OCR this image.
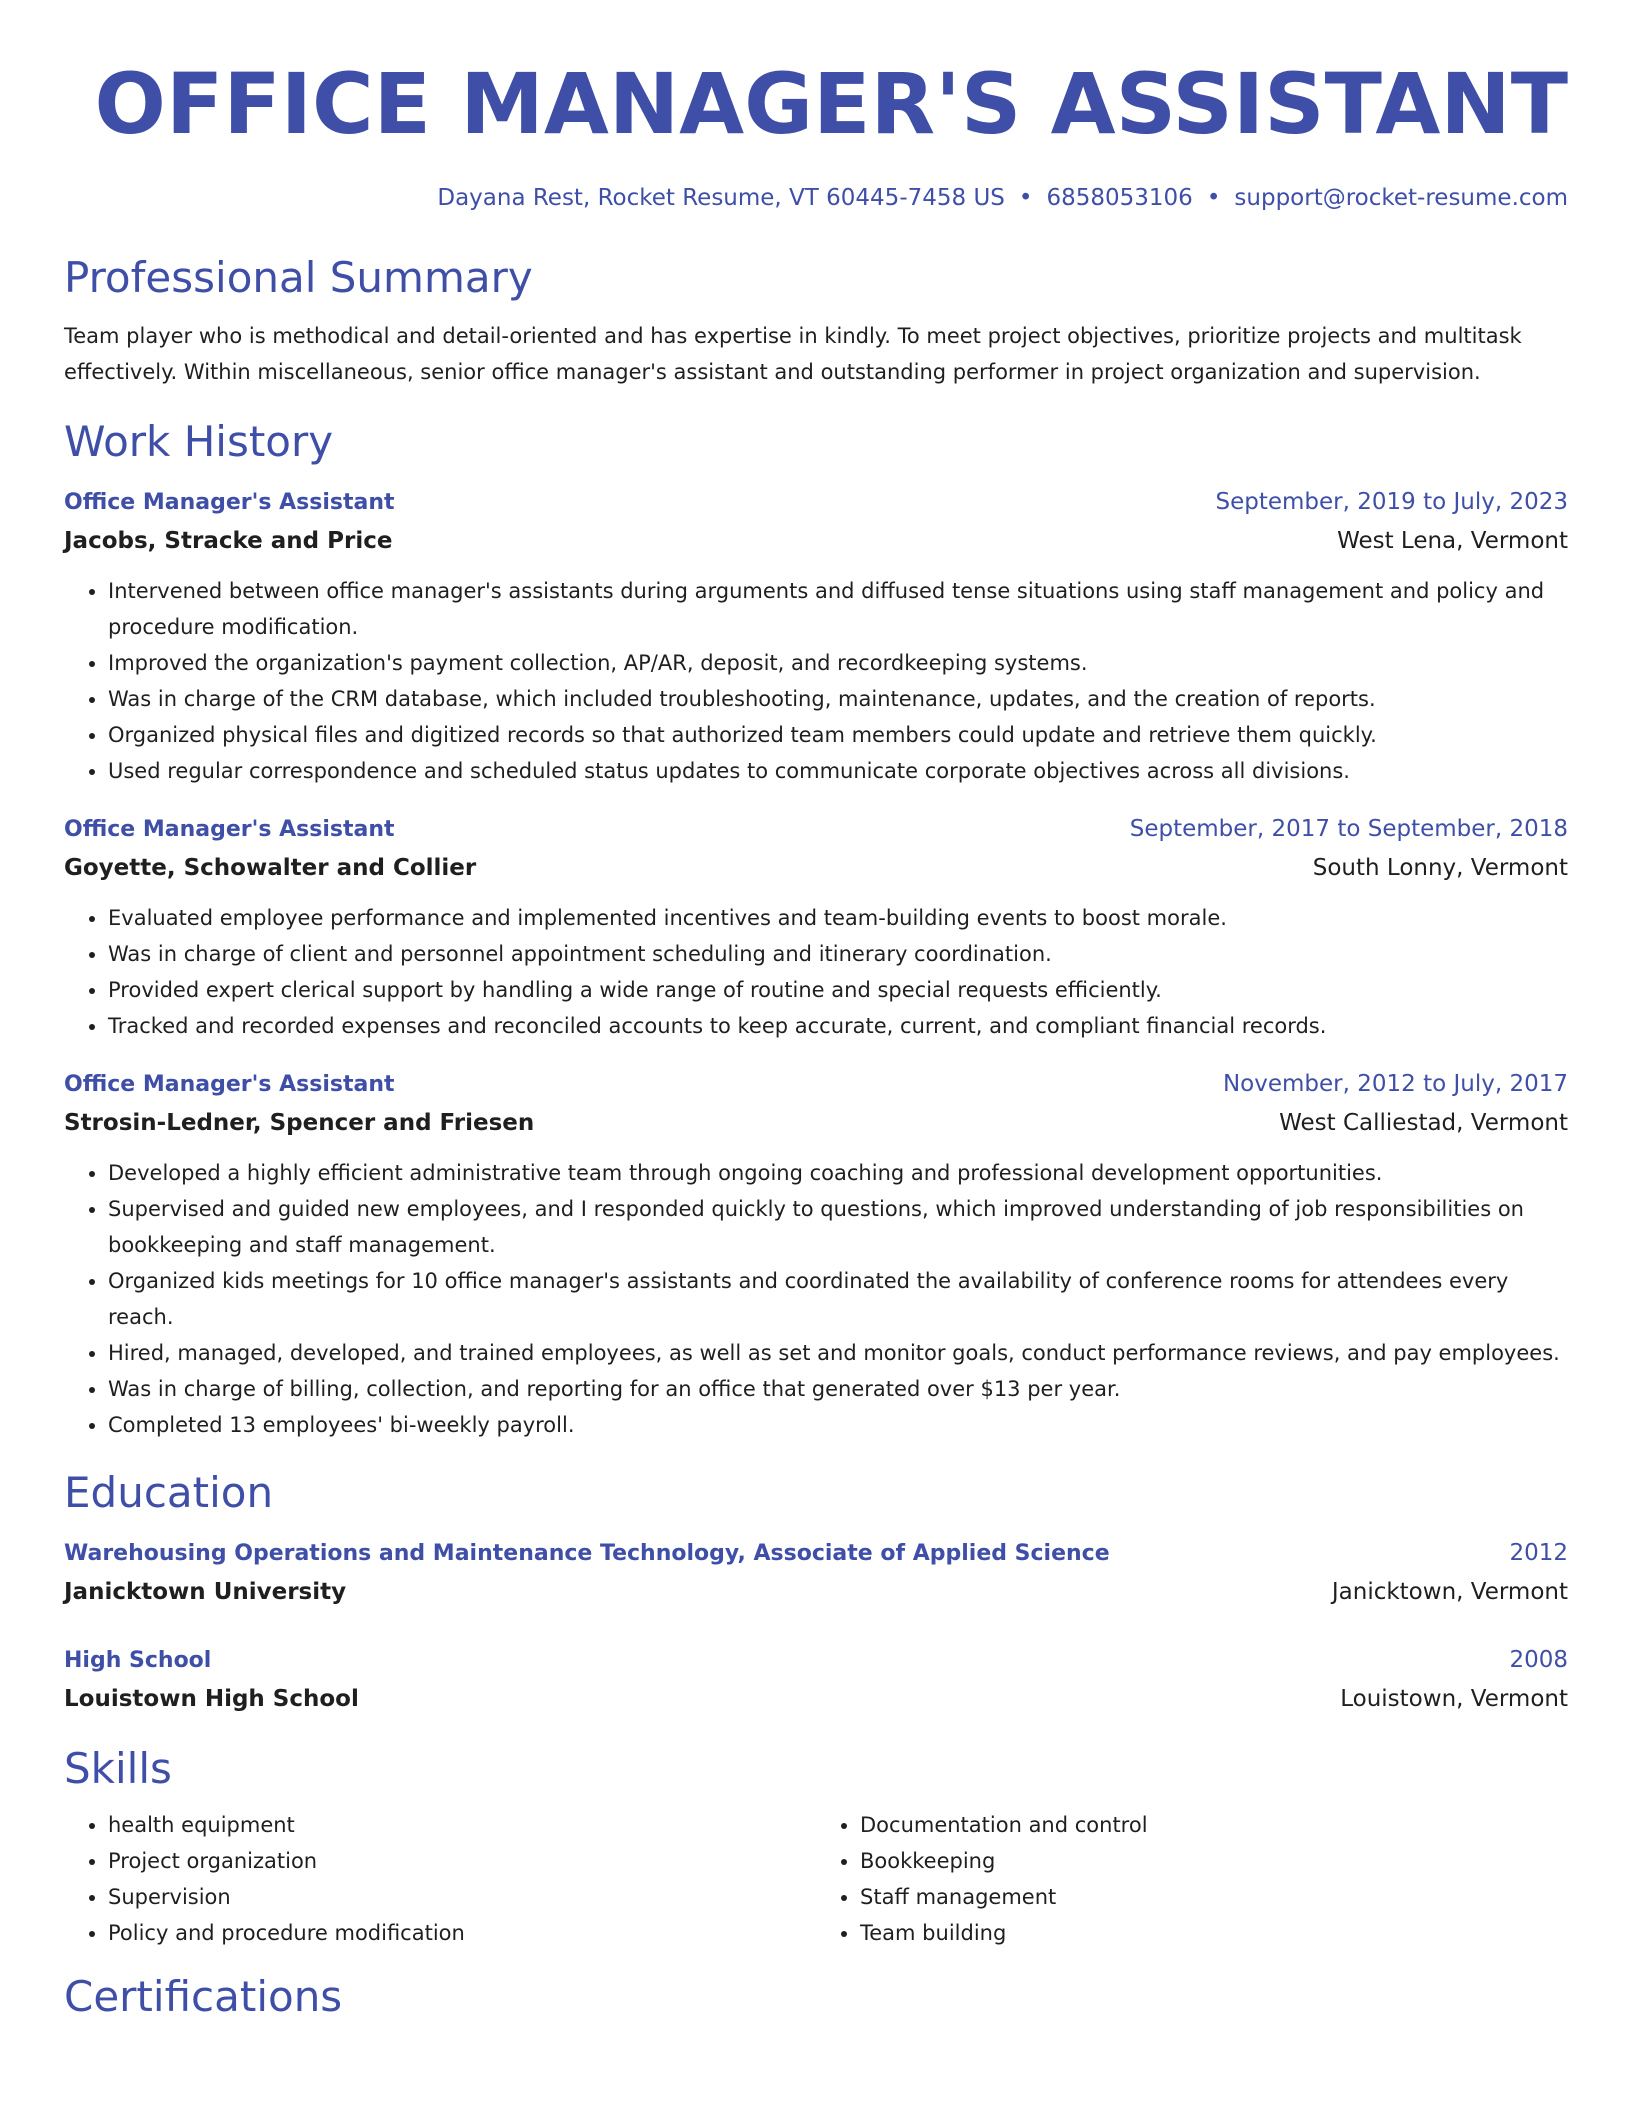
OFFICE MANAGER'S ASSISTANT
Dayana Rest, Rocket Resume, VT 60445-7458 US • 6858053106 • support@rocket-resume.com
Professional Summary
Team player who is methodical and detail-oriented and has expertise in kindly. To meet project objectives, prioritize projects and multitask effectively. Within miscellaneous, senior office manager's assistant and outstanding performer in project organization and supervision.
Work History
Office Manager's Assistant	September, 2019 to July, 2023
Jacobs, Stracke and Price	West Lena, Vermont
• Intervened between office manager's assistants during arguments and diffused tense situations using staff management and policy and procedure modification.
• Improved the organization's payment collection, AP/AR, deposit, and recordkeeping systems.
• Was in charge of the CRM database, which included troubleshooting, maintenance, updates, and the creation of reports.
• Organized physical files and digitized records so that authorized team members could update and retrieve them quickly.
• Used regular correspondence and scheduled status updates to communicate corporate objectives across all divisions.
Office Manager's Assistant	September, 2017 to September, 2018
Goyette, Schowalter and Collier	South Lonny, Vermont
• Evaluated employee performance and implemented incentives and team-building events to boost morale.
• Was in charge of client and personnel appointment scheduling and itinerary coordination.
• Provided expert clerical support by handling a wide range of routine and special requests efficiently.
• Tracked and recorded expenses and reconciled accounts to keep accurate, current, and compliant financial records.
Office Manager's Assistant	November, 2012 to July, 2017
Strosin-Ledner, Spencer and Friesen	West Calliestad, Vermont
• Developed a highly efficient administrative team through ongoing coaching and professional development opportunities.
• Supervised and guided new employees, and I responded quickly to questions, which improved understanding of job responsibilities on bookkeeping and staff management.
• Organized kids meetings for 10 office manager's assistants and coordinated the availability of conference rooms for attendees every reach.
• Hired, managed, developed, and trained employees, as well as set and monitor goals, conduct performance reviews, and pay employees.
• Was in charge of billing, collection, and reporting for an office that generated over $13 per year.
• Completed 13 employees' bi-weekly payroll.
Education
Warehousing Operations and Maintenance Technology, Associate of Applied Science	2012
Janicktown University	Janicktown, Vermont
High School	2008
Louistown High School	Louistown, Vermont
Skills
• health equipment
• Project organization
• Supervision
• Policy and procedure modification
• Documentation and control
• Bookkeeping
• Staff management
• Team building
Certifications
